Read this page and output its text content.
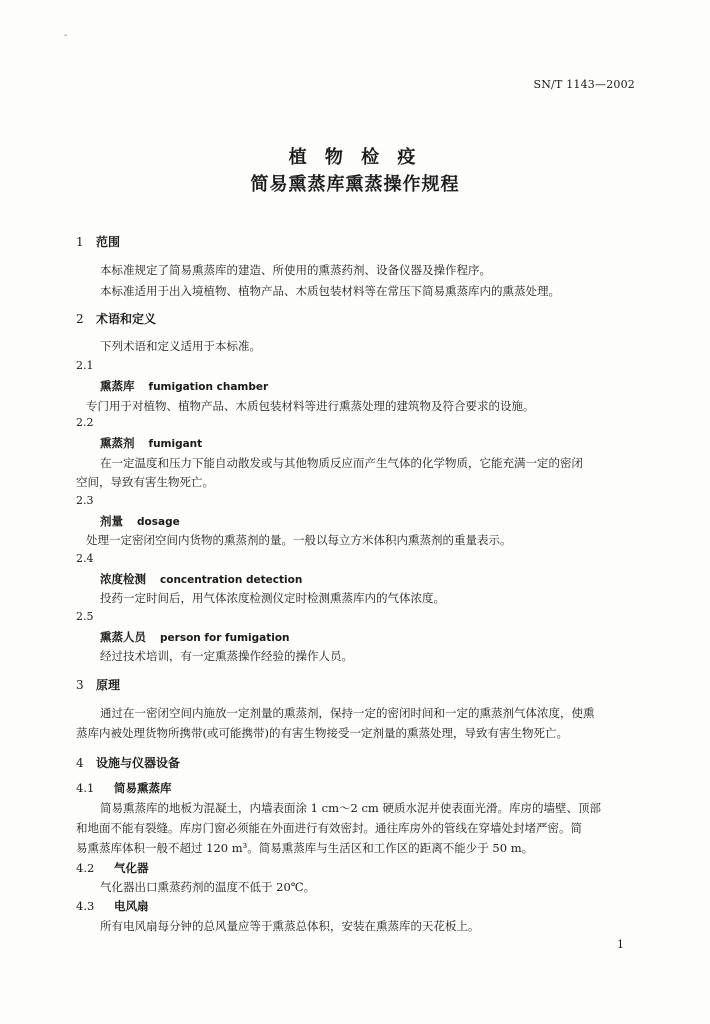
-
SN/T 1143—2002
植 物 检 疫
简易熏蒸库熏蒸操作规程
1 范围
本标准规定了简易熏蒸库的建造、所使用的熏蒸药剂、设备仪器及操作程序。
本标准适用于出入境植物、植物产品、木质包装材料等在常压下简易熏蒸库内的熏蒸处理。
2 术语和定义
下列术语和定义适用于本标准。
2.1
熏蒸库 fumigation chamber
专门用于对植物、植物产品、木质包装材料等进行熏蒸处理的建筑物及符合要求的设施。
2.2
熏蒸剂 fumigant
在一定温度和压力下能自动散发或与其他物质反应而产生气体的化学物质，它能充满一定的密闭
空间，导致有害生物死亡。
2.3
剂量 dosage
处理一定密闭空间内货物的熏蒸剂的量。一般以每立方米体积内熏蒸剂的重量表示。
2.4
浓度检测 concentration detection
投药一定时间后，用气体浓度检测仪定时检测熏蒸库内的气体浓度。
2.5
熏蒸人员 person for fumigation
经过技术培训，有一定熏蒸操作经验的操作人员。
3 原理
通过在一密闭空间内施放一定剂量的熏蒸剂，保持一定的密闭时间和一定的熏蒸剂气体浓度，使熏
蒸库内被处理货物所携带(或可能携带)的有害生物接受一定剂量的熏蒸处理，导致有害生物死亡。
4 设施与仪器设备
4.1 简易熏蒸库
简易熏蒸库的地板为混凝土，内墙表面涂 1 cm～2 cm 硬质水泥并使表面光滑。库房的墙壁、顶部
和地面不能有裂缝。库房门窗必须能在外面进行有效密封。通往库房外的管线在穿墙处封堵严密。简
易熏蒸库体积一般不超过 120 m³。简易熏蒸库与生活区和工作区的距离不能少于 50 m。
4.2 气化器
气化器出口熏蒸药剂的温度不低于 20℃。
4.3 电风扇
所有电风扇每分钟的总风量应等于熏蒸总体积，安装在熏蒸库的天花板上。
1
